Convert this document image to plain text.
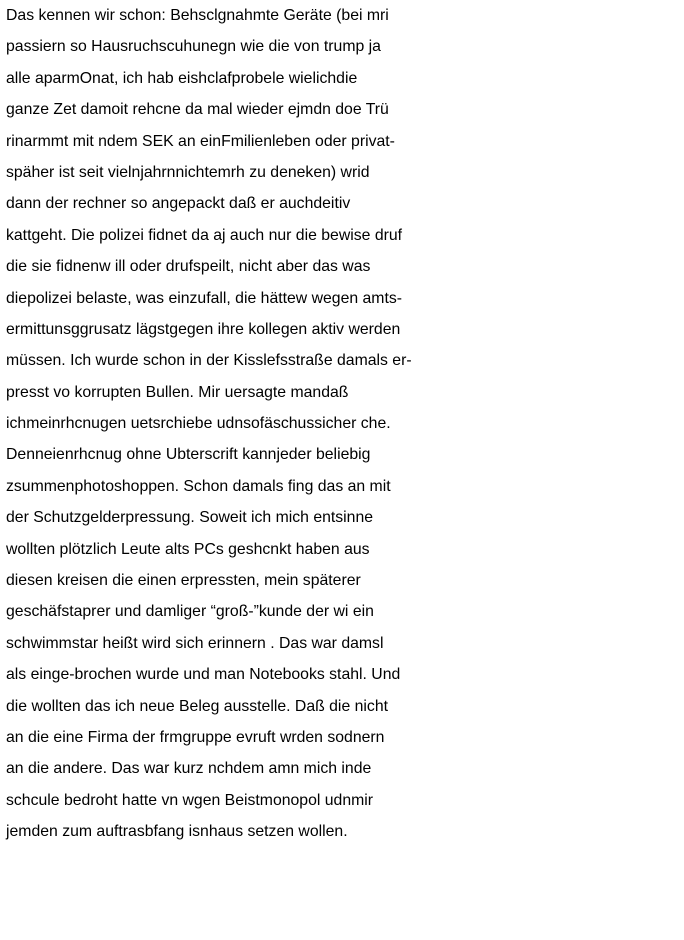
Das kennen wir schon: Behsclgnahmte Geräte (bei mri
passiern so Hausruchscuhunegn wie die von trump ja
alle aparmOnat, ich hab eishclafprobele wielichdie
ganze Zet damoit rehcne da mal wieder ejmdn doe Trü
rinarmmt mit ndem SEK an einFmilienleben oder privat-
späher ist seit vielnjahrnnichtemrh zu deneken) wrid
dann der rechner so angepackt daß er auchdeitiv
kattgeht. Die polizei fidnet da aj auch nur die bewise druf
die sie fidnenw ill oder drufspeilt, nicht aber das was
diepolizei belaste, was einzufall, die hättew wegen amts-
ermittunsggrusatz lägstgegen ihre kollegen aktiv werden
müssen. Ich wurde schon in der Kisslefsstraße damals er-
presst vo korrupten Bullen. Mir uersagte mandaß
ichmeinrhcnugen uetsrchiebe udnsofäschussicher che.
Denneienrhcnug ohne Ubterscrift kannjeder beliebig
zsummenphotoshoppen. Schon damals fing das an mit
der Schutzgelderpressung. Soweit ich mich entsinne
wollten plötzlich Leute alts PCs geshcnkt haben aus
diesen kreisen die einen erpressten, mein späterer
geschäfstaprer und damliger “groß-”kunde der wi ein
schwimmstar heißt wird sich erinnern . Das war damsl
als einge-brochen wurde und man Notebooks stahl. Und
die wollten das ich neue Beleg ausstelle. Daß die nicht
an die eine Firma der frmgruppe evruft wrden sodnern
an die andere. Das war kurz nchdem amn mich inde
schcule bedroht hatte vn wgen Beistmonopol udnmir
jemden zum auftrasbfang isnhaus setzen wollen.
